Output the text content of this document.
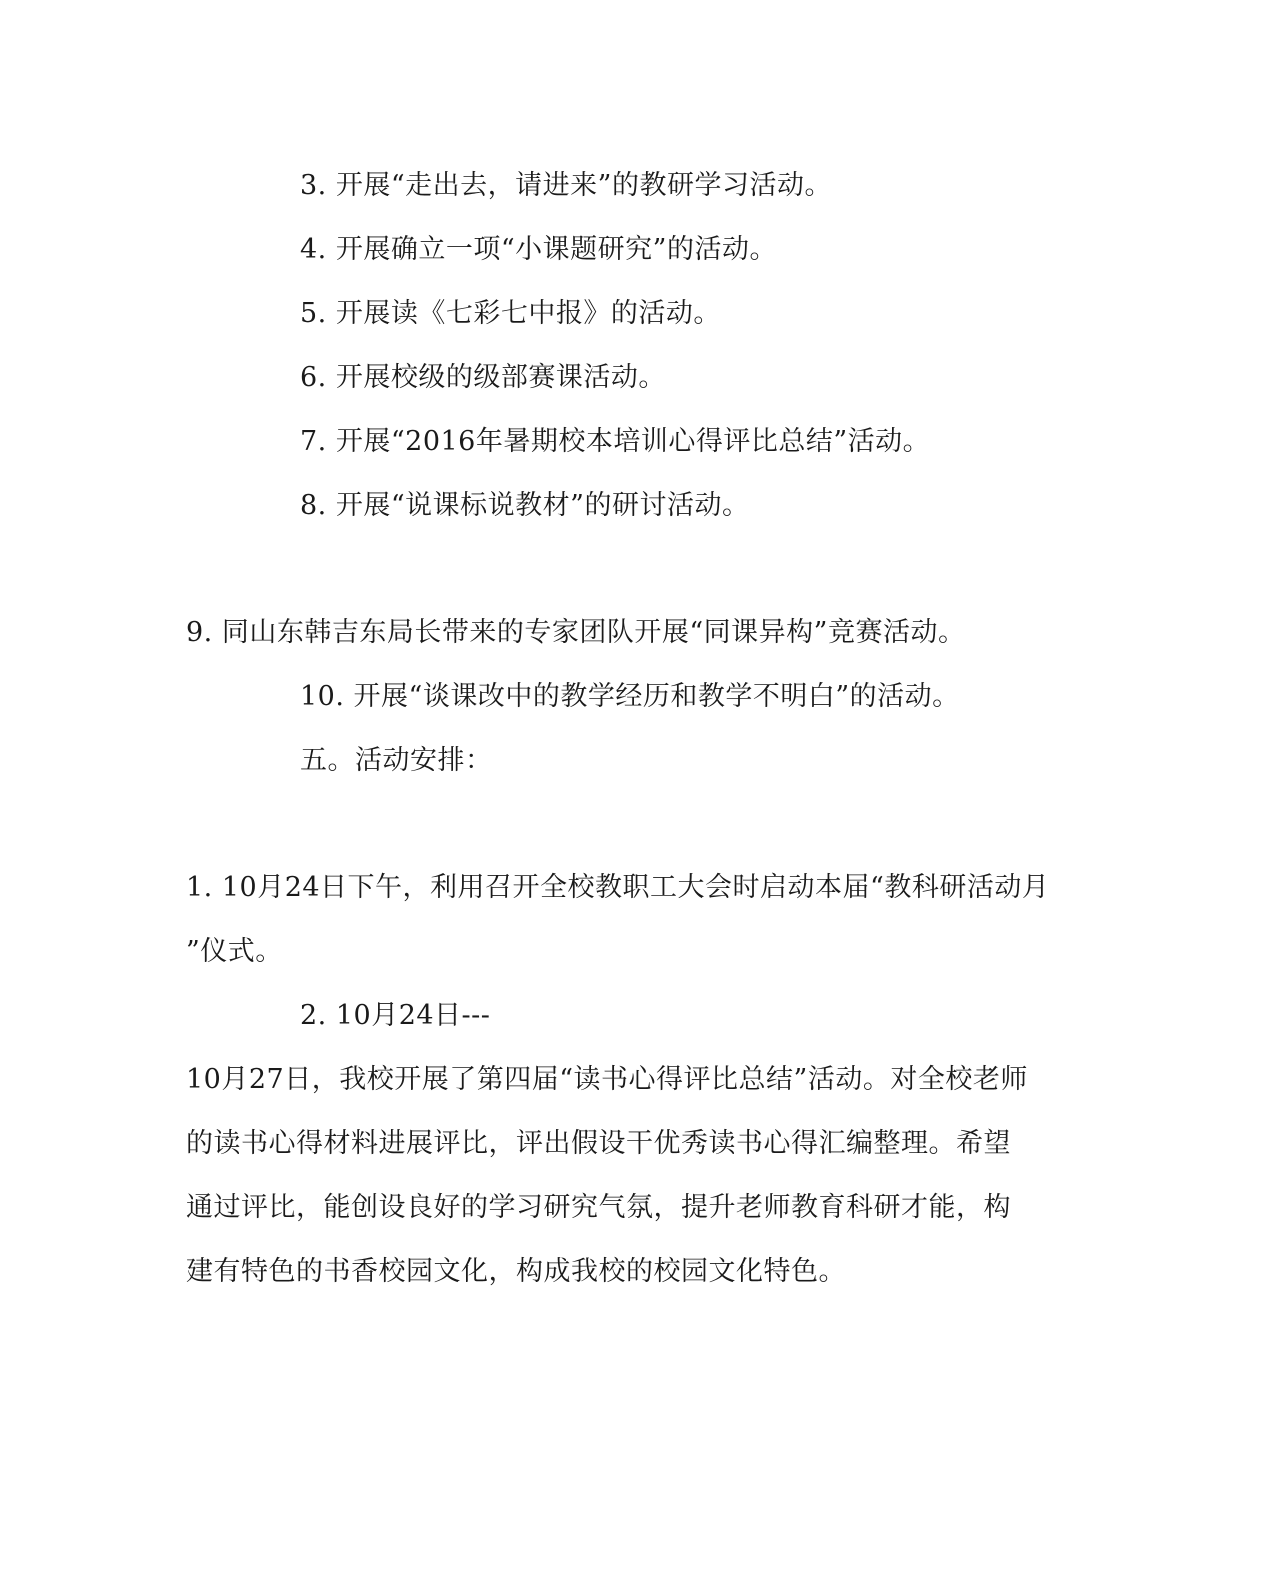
3. 开展“走出去，请进来”的教研学习活动。
4. 开展确立一项“小课题研究”的活动。
5. 开展读《七彩七中报》的活动。
6. 开展校级的级部赛课活动。
7. 开展“2016年暑期校本培训心得评比总结”活动。
8. 开展“说课标说教材”的研讨活动。
9. 同山东韩吉东局长带来的专家团队开展“同课异构”竞赛活动。
10. 开展“谈课改中的教学经历和教学不明白”的活动。
五。活动安排：
1. 10月24日下午，利用召开全校教职工大会时启动本届“教科研活动月
”仪式。
2. 10月24日---
10月27日，我校开展了第四届“读书心得评比总结”活动。对全校老师
的读书心得材料进展评比，评出假设干优秀读书心得汇编整理。希望
通过评比，能创设良好的学习研究气氛，提升老师教育科研才能，构
建有特色的书香校园文化，构成我校的校园文化特色。
